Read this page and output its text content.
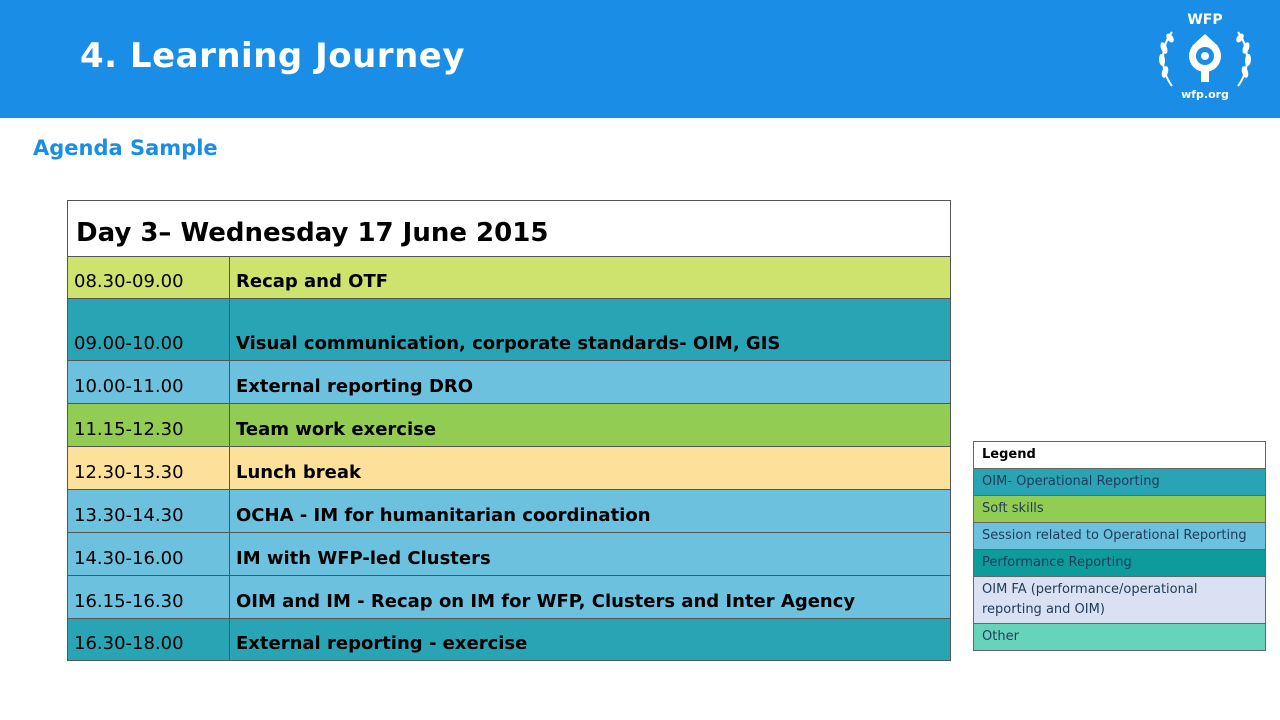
4. Learning Journey
WFP
wfp.org
Agenda Sample
Day 3– Wednesday 17 June 2015	
08.30-09.00	Recap and OTF
09.00-10.00	Visual communication, corporate standards- OIM, GIS
10.00-11.00	External reporting DRO
11.15-12.30	Team work exercise
12.30-13.30	Lunch break
13.30-14.30	OCHA - IM for humanitarian coordination
14.30-16.00	IM with WFP-led Clusters
16.15-16.30	OIM and IM - Recap on IM for WFP, Clusters and Inter Agency
16.30-18.00	External reporting - exercise
Legend
OIM- Operational Reporting
Soft skills
Session related to Operational Reporting
Performance Reporting
OIM FA (performance/operational reporting and OIM)
Other
